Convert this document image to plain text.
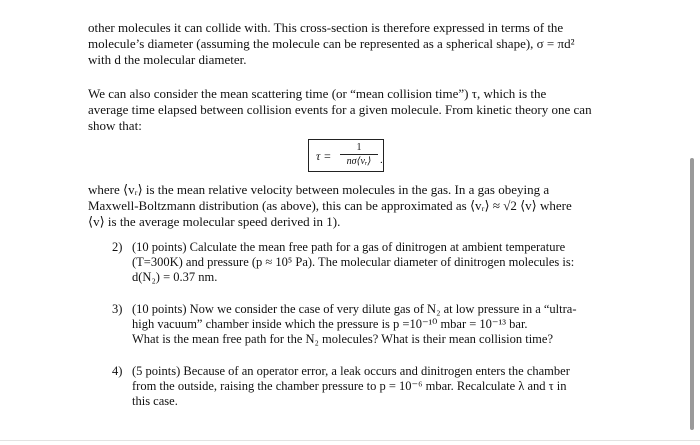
other molecules it can collide with. This cross-section is therefore expressed in terms of the
molecule’s diameter (assuming the molecule can be represented as a spherical shape), σ = πd²
with d the molecular diameter.
We can also consider the mean scattering time (or “mean collision time”) τ, which is the
average time elapsed between collision events for a given molecule. From kinetic theory one can
show that:
τ =
1
nσ⟨vᵣ⟩ .
where ⟨vᵣ⟩ is the mean relative velocity between molecules in the gas. In a gas obeying a
Maxwell-Boltzmann distribution (as above), this can be approximated as ⟨vᵣ⟩ ≈ √2 ⟨v⟩ where
⟨v⟩ is the average molecular speed derived in 1).
2) (10 points) Calculate the mean free path for a gas of dinitrogen at ambient temperature
(T=300K) and pressure (p ≈ 10⁵ Pa). The molecular diameter of dinitrogen molecules is:
d(N₂) = 0.37 nm.
3) (10 points) Now we consider the case of very dilute gas of N₂ at low pressure in a “ultra-
high vacuum” chamber inside which the pressure is p =10⁻¹⁰ mbar = 10⁻¹³ bar.
What is the mean free path for the N₂ molecules? What is their mean collision time?
4) (5 points) Because of an operator error, a leak occurs and dinitrogen enters the chamber
from the outside, raising the chamber pressure to p = 10⁻⁶ mbar. Recalculate λ and τ in
this case.
